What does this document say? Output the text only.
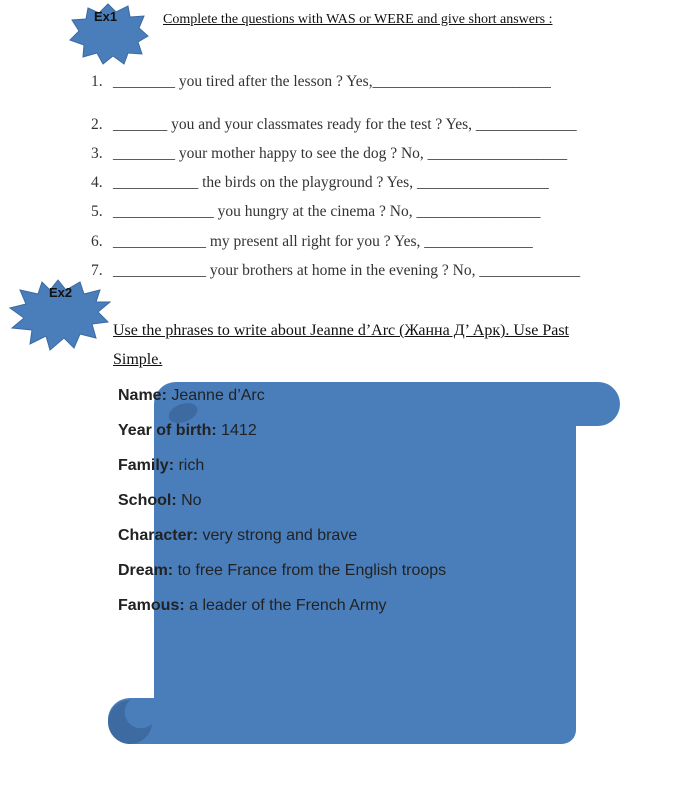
Ex1	Complete the questions with WAS or WERE and give short answers :
1. ________ you tired after the lesson ? Yes,_______________________
2. _______ you and your classmates ready for the test ? Yes, _____________
3. ________ your mother happy to see the dog ? No, __________________
4. ___________ the birds on the playground ? Yes, _________________
5. _____________ you hungry at the cinema ? No, ________________
6. ____________ my present all right for you ? Yes, ______________
7. ____________ your brothers at home in the evening ? No, _____________
Ex2
Use the phrases to write about Jeanne d’Arc (Жанна Д’ Арк). Use Past Simple.
Name: Jeanne d’Arc
Year of birth: 1412
Family: rich
School: No
Character: very strong and brave
Dream: to free France from the English troops
Famous: a leader of the French Army
